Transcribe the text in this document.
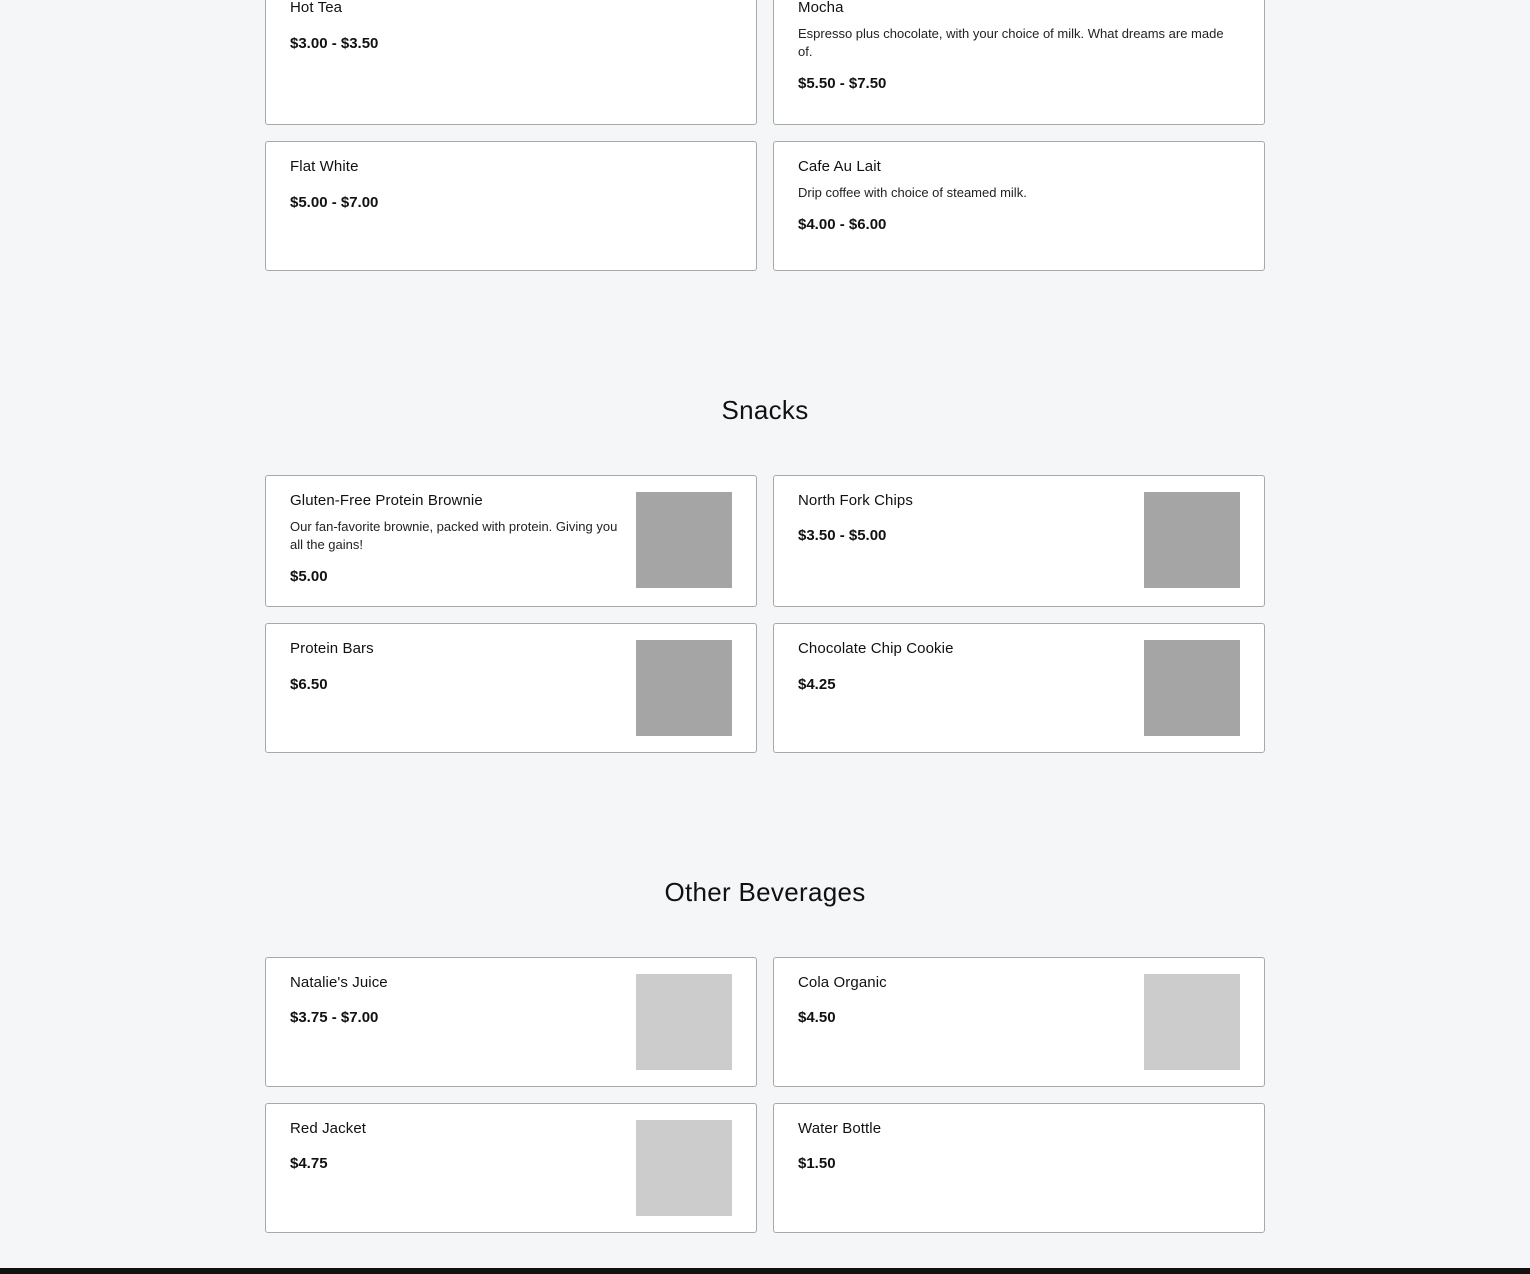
Hot Tea

$3.00 - $3.50

Mocha

Espresso plus chocolate, with your choice of milk. What dreams are made of.

$5.50 - $7.50

Flat White

$5.00 - $7.00

Cafe Au Lait

Drip coffee with choice of steamed milk.

$4.00 - $6.00

Snacks

Gluten-Free Protein Brownie

Our fan-favorite brownie, packed with protein. Giving you all the gains!

$5.00

North Fork Chips

$3.50 - $5.00

Protein Bars

$6.50

Chocolate Chip Cookie

$4.25

Other Beverages

Natalie's Juice

$3.75 - $7.00

Cola Organic

$4.50

Red Jacket

$4.75

Water Bottle

$1.50
